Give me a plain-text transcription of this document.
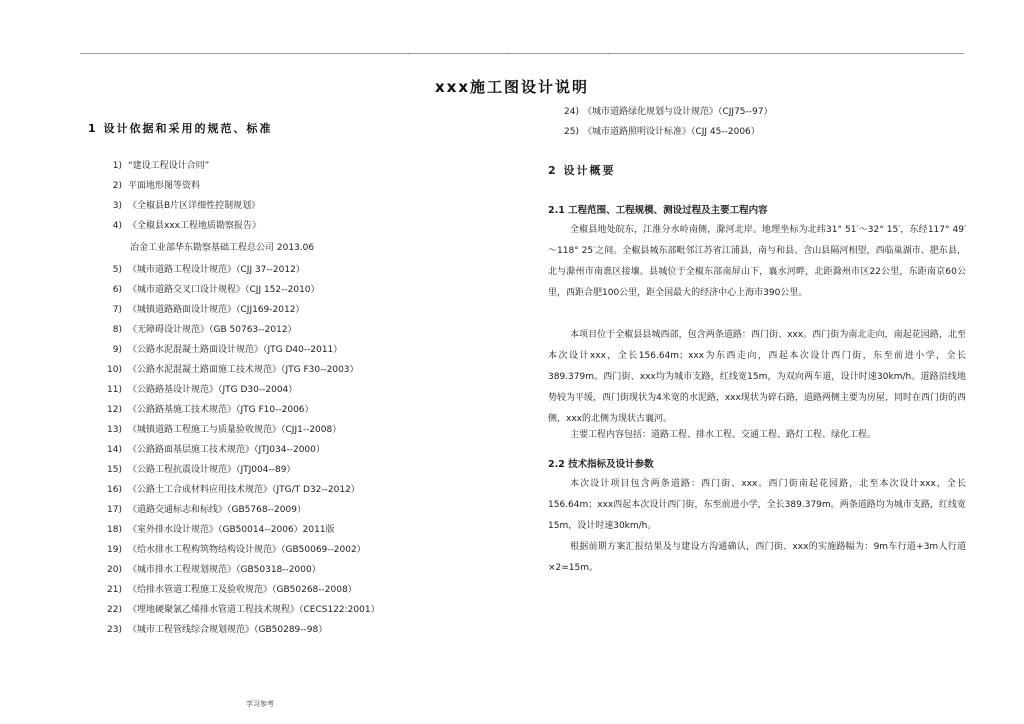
.	.	.
xxx施工图设计说明
1 设计依据和采用的规范、标准
1) “建设工程设计合同”
2) 平面地形图等资料
3) 《全椒县B片区详细性控制规划》
4) 《全椒县xxx工程地质勘察报告》
5) 《城市道路工程设计规范》（CJJ 37--2012）
6) 《城市道路交叉口设计规程》（CJJ 152--2010）
7) 《城镇道路路面设计规范》（CJJ169-2012）
8) 《无障碍设计规范》（GB 50763--2012）
9) 《公路水泥混凝土路面设计规范》（JTG D40--2011）
10) 《公路水泥混凝土路面施工技术规范》（JTG F30--2003）
11) 《公路路基设计规范》（JTG D30--2004）
12) 《公路路基施工技术规范》（JTG F10--2006）
13) 《城镇道路工程施工与质量验收规范》（CJJ1--2008）
14) 《公路路面基层施工技术规范》（JTJ034--2000）
15) 《公路工程抗震设计规范》（JTJ004--89）
16) 《公路土工合成材料应用技术规范》（JTG/T D32--2012）
17) 《道路交通标志和标线》（GB5768--2009）
18) 《室外排水设计规范》（GB50014--2006）2011版
19) 《给水排水工程构筑物结构设计规范》（GB50069--2002）
20) 《城市排水工程规划规范》（GB50318--2000）
21) 《给排水管道工程施工及验收规范》（GB50268--2008）
22) 《埋地硬聚氯乙烯排水管道工程技术规程》（CECS122:2001）
23) 《城市工程管线综合规划规范》（GB50289--98）
冶金工业部华东勘察基础工程总公司 2013.06
24) 《城市道路绿化规划与设计规范》（CJJ75--97）
25) 《城市道路照明设计标准》（CJJ 45--2006）
2 设计概要
2.1 工程范围、工程规模、测设过程及主要工程内容
全椒县地处皖东，江淮分水岭南侧，滁河北岸。地理坐标为北纬31° 51′～32° 15′，东经117° 49′～118° 25′之间。全椒县城东部毗邻江苏省江浦县，南与和县、含山县隔河相望，西临巢湖市、肥东县，北与滁州市南谯区接壤。县城位于全椒东部南屏山下，襄水河畔，北距滁州市区22公里，东距南京60公里，西距合肥100公里，距全国最大的经济中心上海市390公里。
本项目位于全椒县县城西部，包含两条道路：西门街、xxx。西门街为南北走向，南起花园路，北至本次设计xxx，全长156.64m；xxx为东西走向，西起本次设计西门街，东至前进小学，全长389.379m。西门街、xxx均为城市支路，红线宽15m，为双向两车道，设计时速30km/h。道路沿线地势较为平缓，西门街现状为4米宽的水泥路，xxx现状为碎石路，道路两侧主要为房屋，同时在西门街的西侧，xxx的北侧为现状古襄河。
主要工程内容包括：道路工程、排水工程、交通工程、路灯工程、绿化工程。
2.2 技术指标及设计参数
本次设计项目包含两条道路：西门街、xxx。西门街南起花园路，北至本次设计xxx，全长156.64m；xxx西起本次设计西门街，东至前进小学，全长389.379m。两条道路均为城市支路，红线宽15m，设计时速30km/h。
根据前期方案汇报结果及与建设方沟通确认，西门街、xxx的实施路幅为：9m车行道+3m人行道×2=15m。
学习参考
